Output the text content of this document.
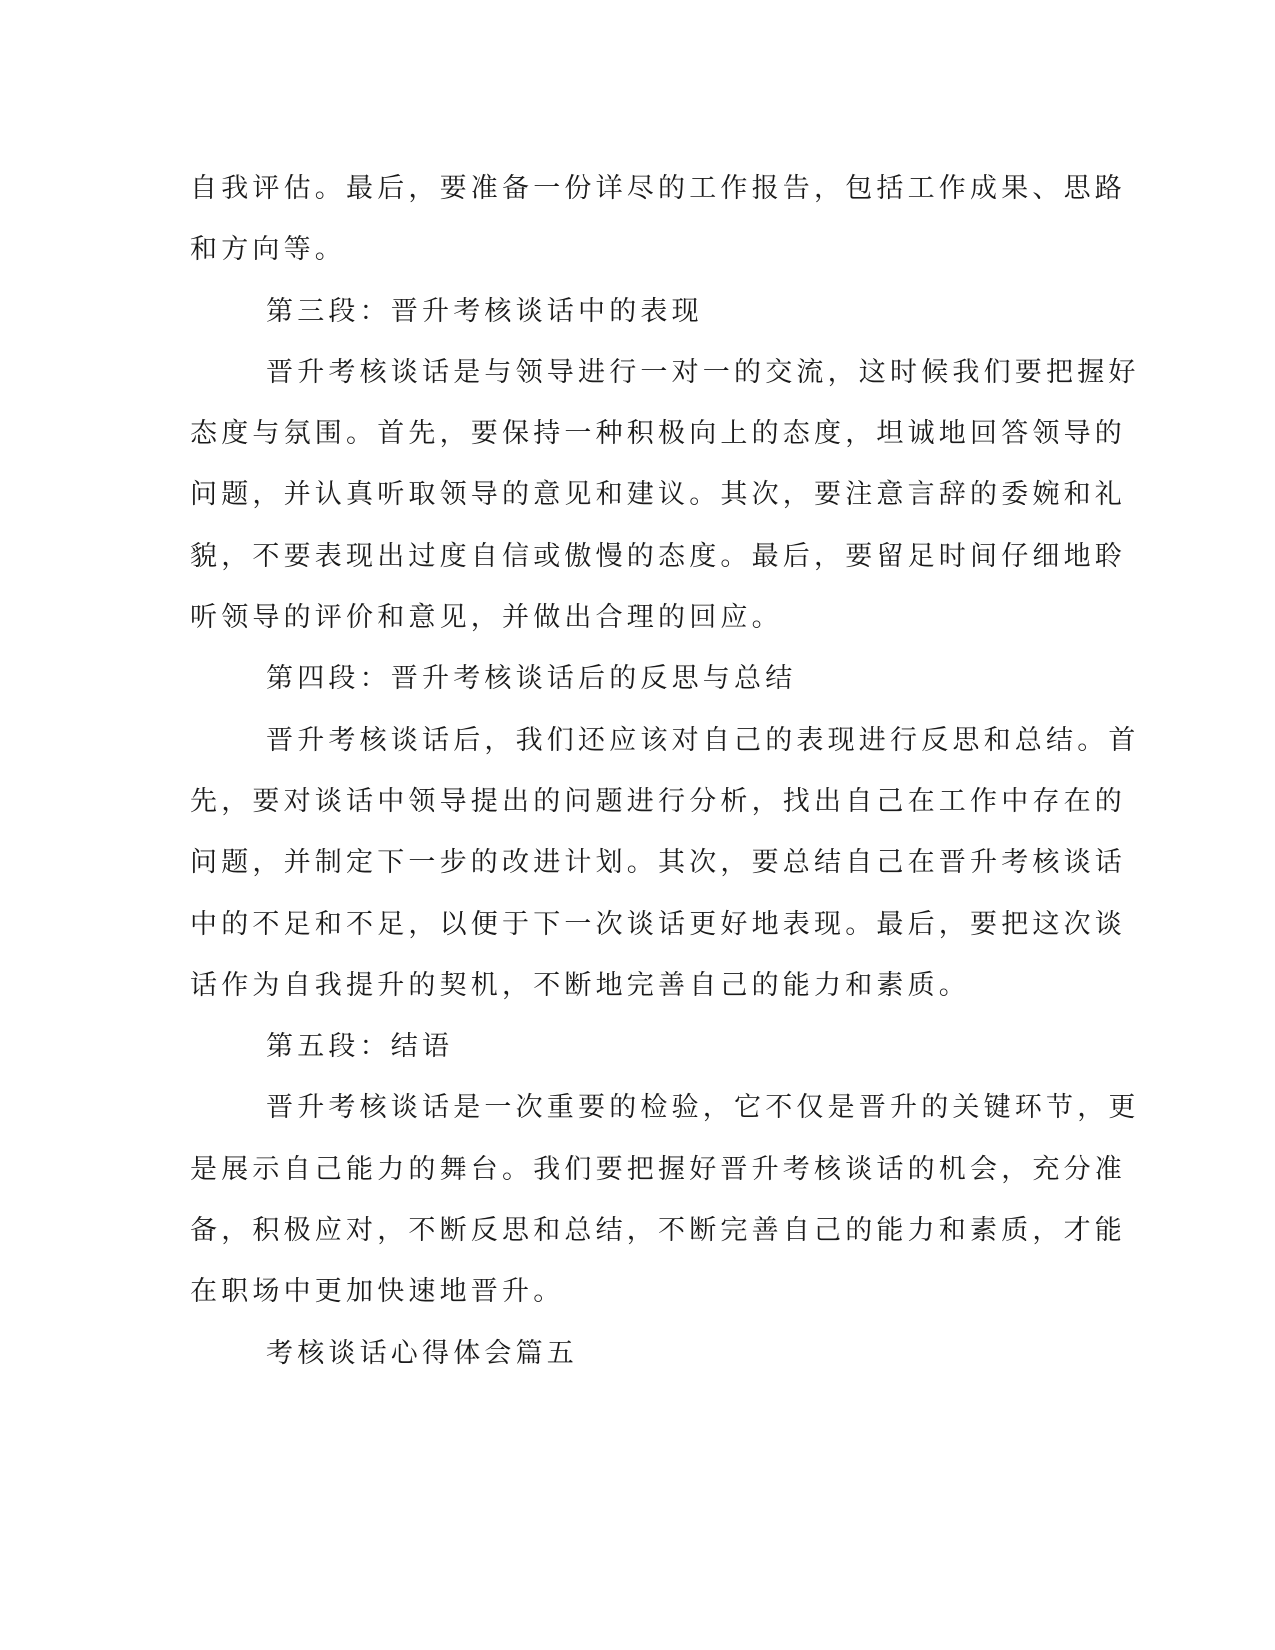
自我评估。最后，要准备一份详尽的工作报告，包括工作成果、思路
和方向等。
第三段：晋升考核谈话中的表现
晋升考核谈话是与领导进行一对一的交流，这时候我们要把握好
态度与氛围。首先，要保持一种积极向上的态度，坦诚地回答领导的
问题，并认真听取领导的意见和建议。其次，要注意言辞的委婉和礼
貌，不要表现出过度自信或傲慢的态度。最后，要留足时间仔细地聆
听领导的评价和意见，并做出合理的回应。
第四段：晋升考核谈话后的反思与总结
晋升考核谈话后，我们还应该对自己的表现进行反思和总结。首
先，要对谈话中领导提出的问题进行分析，找出自己在工作中存在的
问题，并制定下一步的改进计划。其次，要总结自己在晋升考核谈话
中的不足和不足，以便于下一次谈话更好地表现。最后，要把这次谈
话作为自我提升的契机，不断地完善自己的能力和素质。
第五段：结语
晋升考核谈话是一次重要的检验，它不仅是晋升的关键环节，更
是展示自己能力的舞台。我们要把握好晋升考核谈话的机会，充分准
备，积极应对，不断反思和总结，不断完善自己的能力和素质，才能
在职场中更加快速地晋升。
考核谈话心得体会篇五
